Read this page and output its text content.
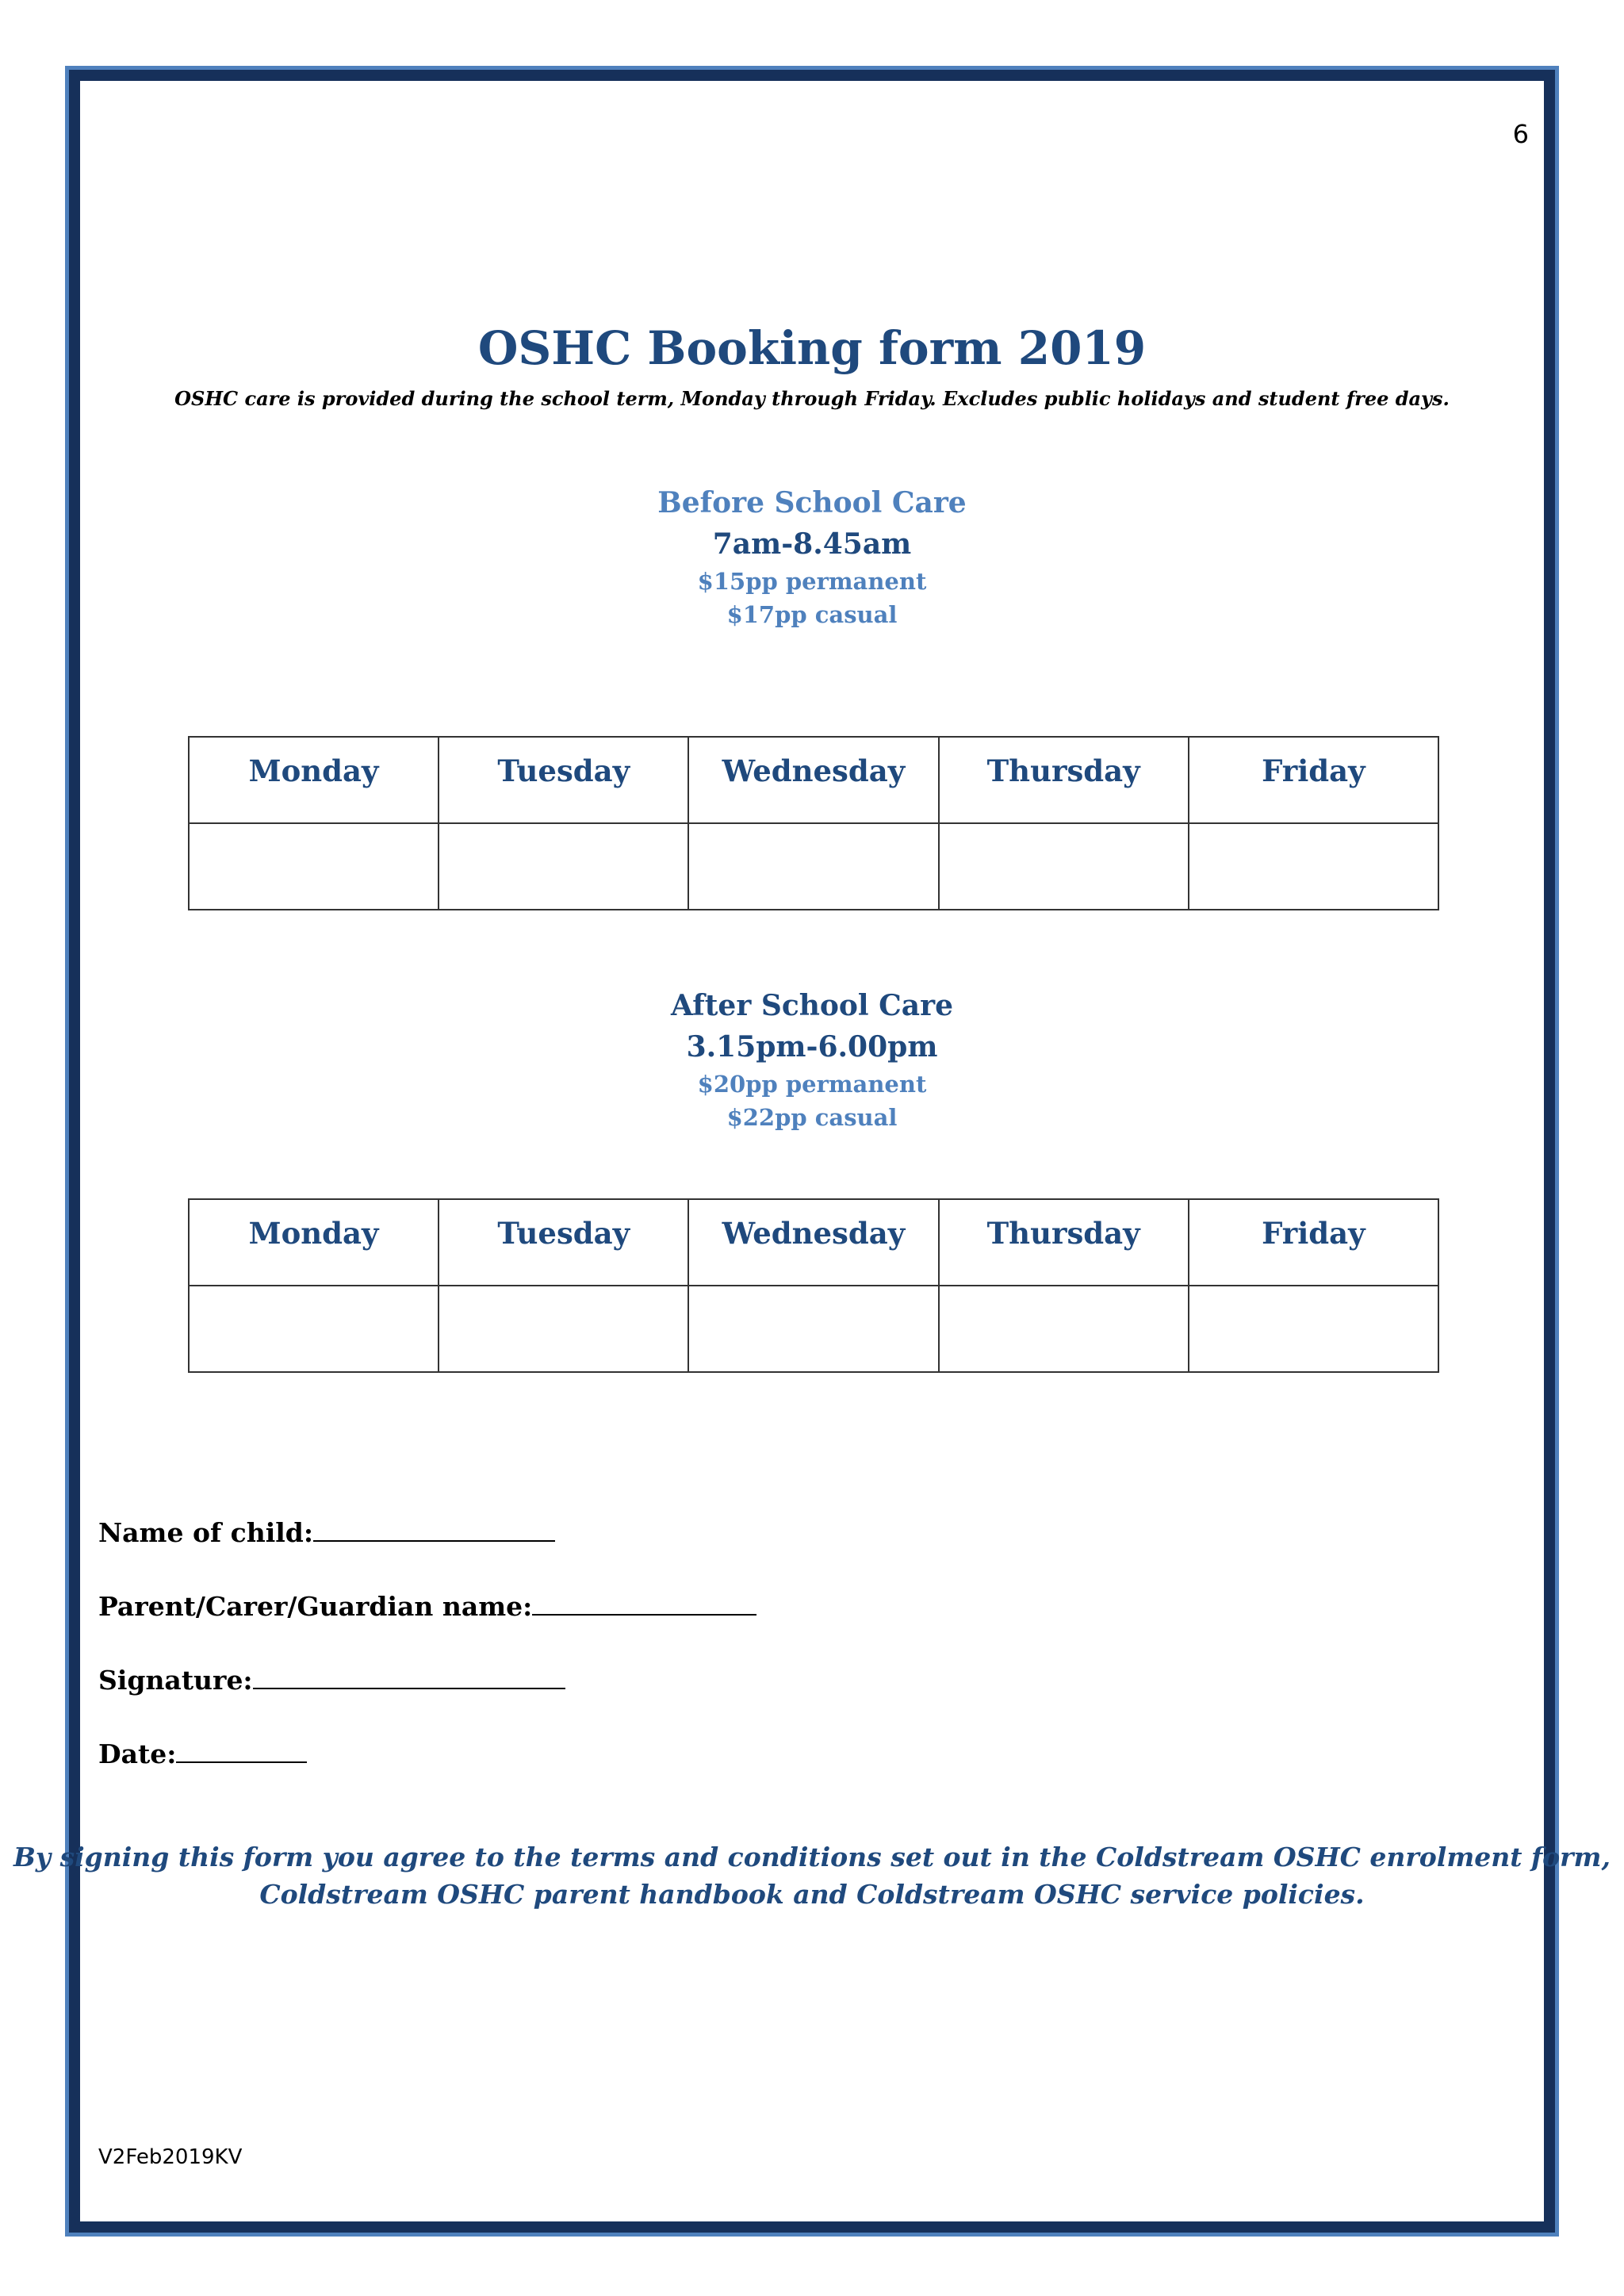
6
OSHC Booking form 2019
OSHC care is provided during the school term, Monday through Friday. Excludes public holidays and student free days.
Before School Care
7am-8.45am
$15pp permanent
$17pp casual
Monday	Tuesday	Wednesday	Thursday	Friday

After School Care
3.15pm-6.00pm
$20pp permanent
$22pp casual
Monday	Tuesday	Wednesday	Thursday	Friday

Name of child:
Parent/Carer/Guardian name:
Signature:
Date:
By signing this form you agree to the terms and conditions set out in the Coldstream OSHC enrolment form,
Coldstream OSHC parent handbook and Coldstream OSHC service policies.
V2Feb2019KV
